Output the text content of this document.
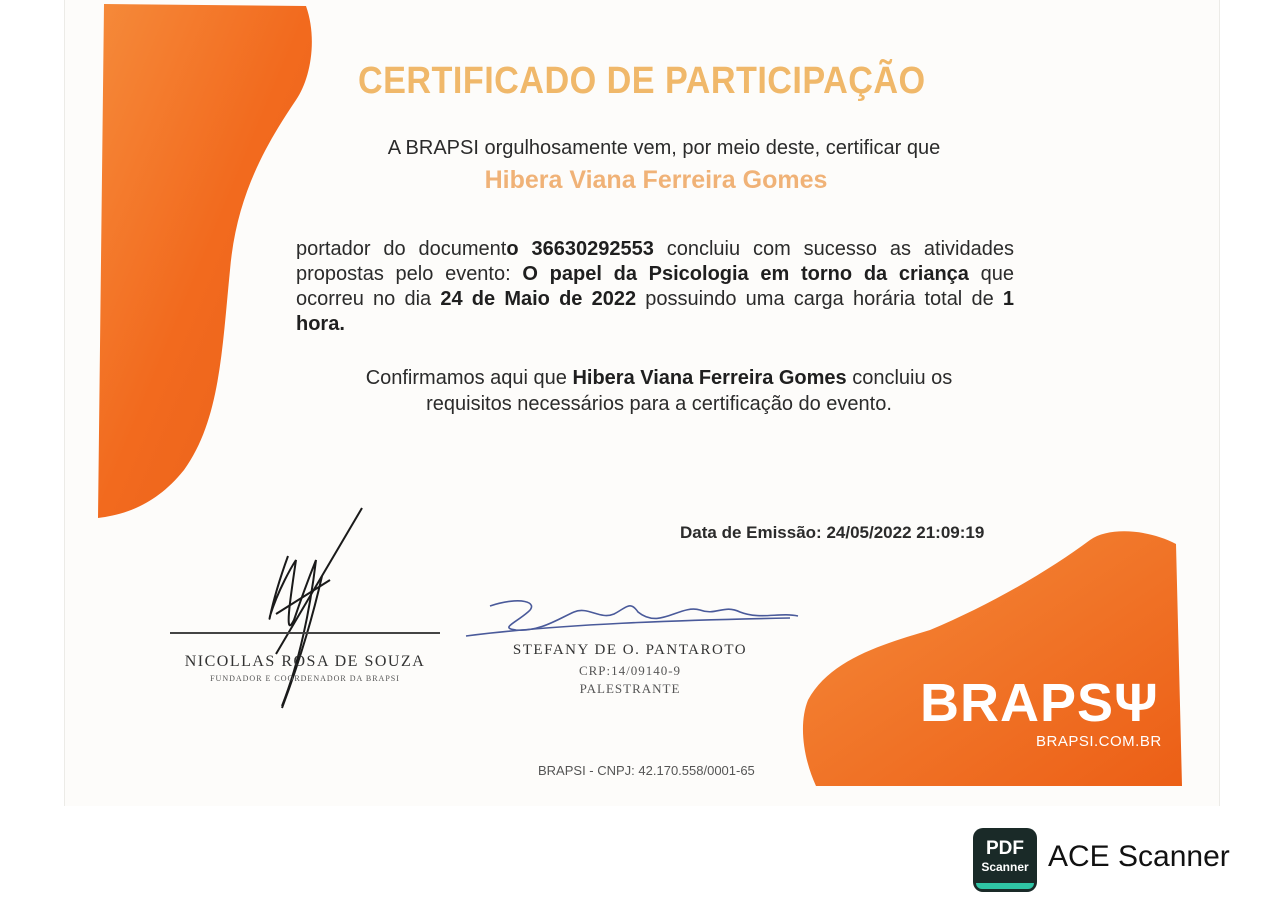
CERTIFICADO DE PARTICIPAÇÃO
A BRAPSI orgulhosamente vem, por meio deste, certificar que
Hibera Viana Ferreira Gomes
portador do documento 36630292553 concluiu com sucesso as atividades propostas pelo evento: O papel da Psicologia em torno da criança que ocorreu no dia 24 de Maio de 2022 possuindo uma carga horária total de 1 hora.
Confirmamos aqui que Hibera Viana Ferreira Gomes concluiu os requisitos necessários para a certificação do evento.
Data de Emissão: 24/05/2022 21:09:19
NICOLLAS ROSA DE SOUZA
FUNDADOR E COORDENADOR DA BRAPSI
STEFANY DE O. PANTAROTO
CRP:14/09140-9
PALESTRANTE	BRAPSΨ
BRAPSI.COM.BR
BRAPSI - CNPJ: 42.170.558/0001-65
PDF
Scanner ACE Scanner
